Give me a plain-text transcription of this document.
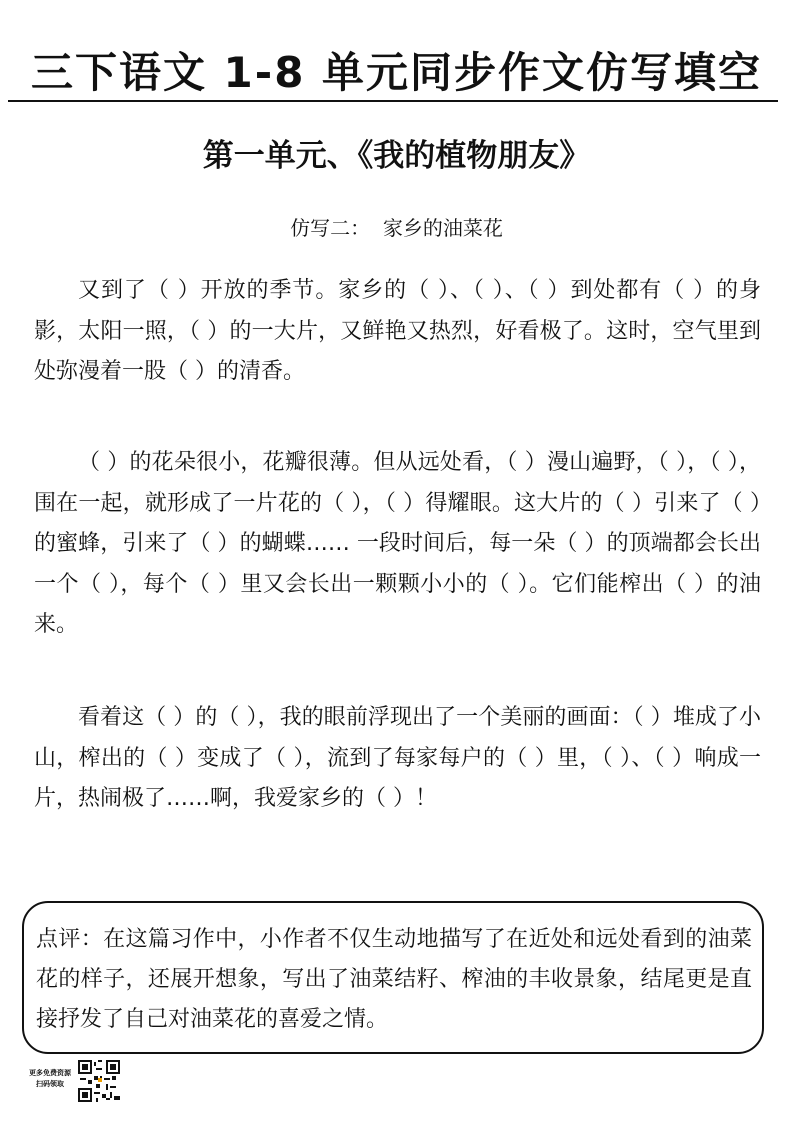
三下语文 1-8 单元同步作文仿写填空
第一单元、《我的植物朋友》
仿写二：  家乡的油菜花

又到了（ ）开放的季节。家乡的（ ）、（ ）、（ ）到处都有（ ）的身影，太阳一照，（ ）的一大片，又鲜艳又热烈，好看极了。这时，空气里到处弥漫着一股（ ）的清香。

（ ）的花朵很小，花瓣很薄。但从远处看，（ ）漫山遍野，（ ），（ ），围在一起，就形成了一片花的（ ），（ ）得耀眼。这大片的（ ）引来了（ ）的蜜蜂，引来了（ ）的蝴蝶…… 一段时间后，每一朵（ ）的顶端都会长出一个（ ），每个（ ）里又会长出一颗颗小小的（ ）。它们能榨出（ ）的油来。

看着这（ ）的（ ），我的眼前浮现出了一个美丽的画面：（ ）堆成了小山，榨出的（ ）变成了（ ），流到了每家每户的（ ）里，（ ）、（ ）响成一片，热闹极了……啊，我爱家乡的（ ）！

点评：在这篇习作中，小作者不仅生动地描写了在近处和远处看到的油菜花的样子，还展开想象，写出了油菜结籽、榨油的丰收景象，结尾更是直接抒发了自己对油菜花的喜爱之情。
更多免费资源
扫码领取
